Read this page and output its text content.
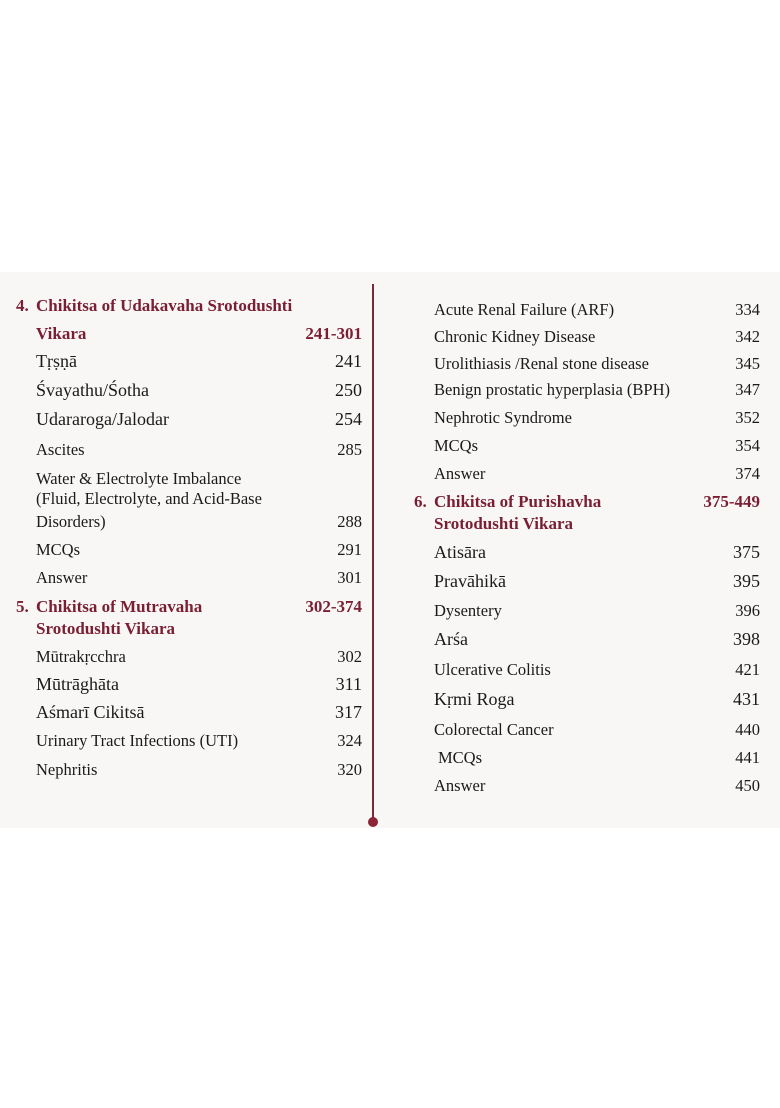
4. Chikitsa of Udakavaha Srotodushti
Vikara	241-301
Tṛṣṇā	241
Śvayathu/Śotha	250
Udararoga/Jalodar	254
Ascites	285
Water & Electrolyte Imbalance
(Fluid, Electrolyte, and Acid-Base
Disorders)	288
MCQs	291
Answer	301
5. Chikitsa of Mutravaha	302-374
Srotodushti Vikara
Mūtrakṛcchra	302
Mūtrāghāta	311
Aśmarī Cikitsā	317
Urinary Tract Infections (UTI)	324
Nephritis	320
Acute Renal Failure (ARF)	334
Chronic Kidney Disease	342
Urolithiasis /Renal stone disease	345
Benign prostatic hyperplasia (BPH)	347
Nephrotic Syndrome	352
MCQs	354
Answer	374
6. Chikitsa of Purishavha	375-449
Srotodushti Vikara
Atisāra	375
Pravāhikā	395
Dysentery	396
Arśa	398
Ulcerative Colitis	421
Kṛmi Roga	431
Colorectal Cancer	440
MCQs	441
Answer	450
